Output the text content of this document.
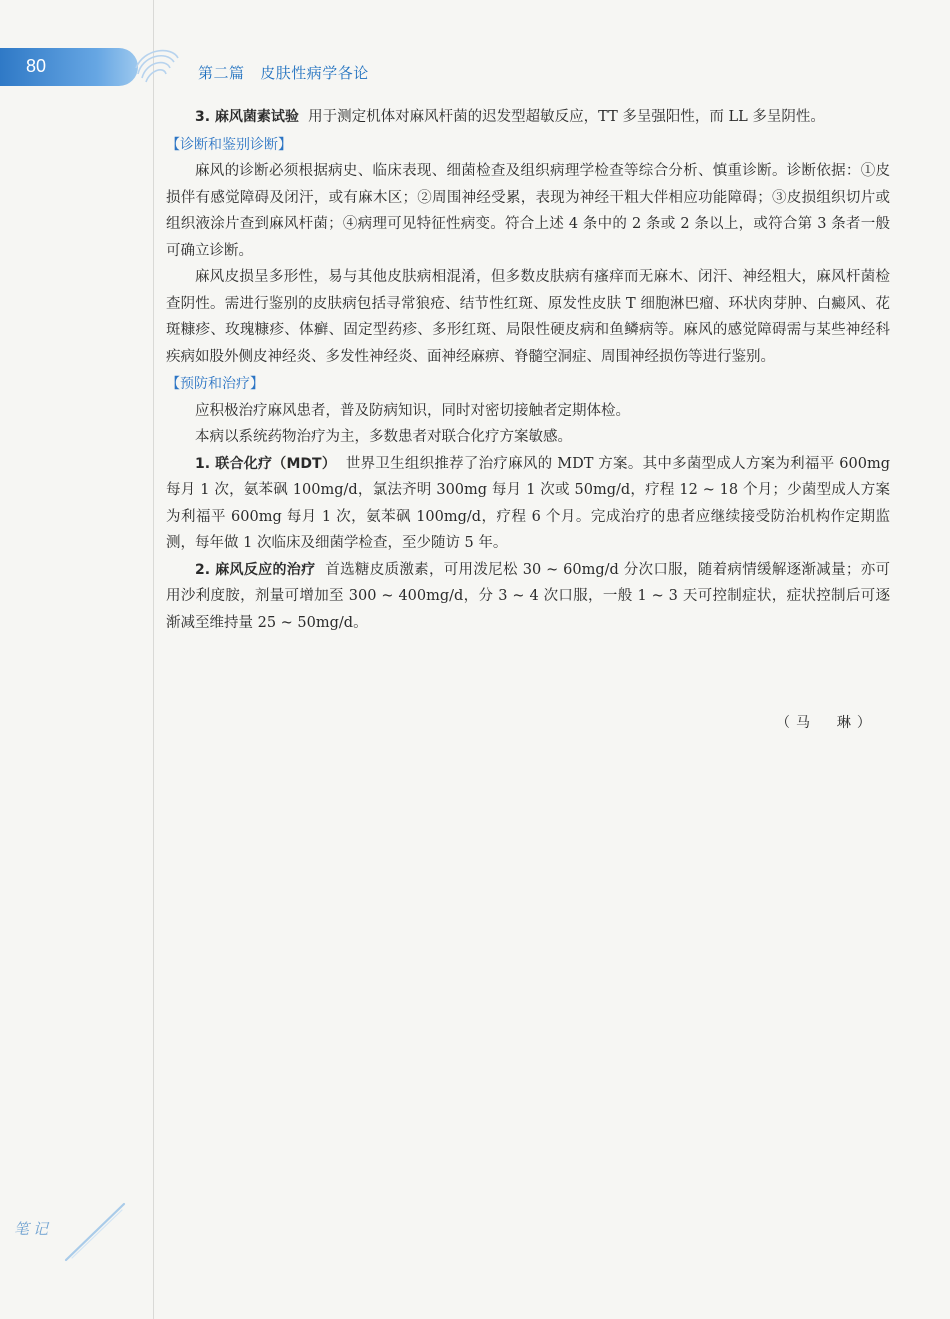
80	第二篇   皮肤性病学各论

3. 麻风菌素试验 用于测定机体对麻风杆菌的迟发型超敏反应，TT 多呈强阳性，而 LL 多呈阴性。

【诊断和鉴别诊断】

麻风的诊断必须根据病史、临床表现、细菌检查及组织病理学检查等综合分析、慎重诊断。诊断依据：①皮损伴有感觉障碍及闭汗，或有麻木区；②周围神经受累，表现为神经干粗大伴相应功能障碍；③皮损组织切片或组织液涂片查到麻风杆菌；④病理可见特征性病变。符合上述 4 条中的 2 条或 2 条以上，或符合第 3 条者一般可确立诊断。

麻风皮损呈多形性，易与其他皮肤病相混淆，但多数皮肤病有瘙痒而无麻木、闭汗、神经粗大，麻风杆菌检查阴性。需进行鉴别的皮肤病包括寻常狼疮、结节性红斑、原发性皮肤 T 细胞淋巴瘤、环状肉芽肿、白癜风、花斑糠疹、玫瑰糠疹、体癣、固定型药疹、多形红斑、局限性硬皮病和鱼鳞病等。麻风的感觉障碍需与某些神经科疾病如股外侧皮神经炎、多发性神经炎、面神经麻痹、脊髓空洞症、周围神经损伤等进行鉴别。

【预防和治疗】

应积极治疗麻风患者，普及防病知识，同时对密切接触者定期体检。

本病以系统药物治疗为主，多数患者对联合化疗方案敏感。

1. 联合化疗（MDT） 世界卫生组织推荐了治疗麻风的 MDT 方案。其中多菌型成人方案为利福平 600mg 每月 1 次，氨苯砜 100mg/d，氯法齐明 300mg 每月 1 次或 50mg/d，疗程 12 ~ 18 个月；少菌型成人方案为利福平 600mg 每月 1 次，氨苯砜 100mg/d，疗程 6 个月。完成治疗的患者应继续接受防治机构作定期监测，每年做 1 次临床及细菌学检查，至少随访 5 年。

2. 麻风反应的治疗 首选糖皮质激素，可用泼尼松 30 ~ 60mg/d 分次口服，随着病情缓解逐渐减量；亦可用沙利度胺，剂量可增加至 300 ~ 400mg/d，分 3 ~ 4 次口服，一般 1 ~ 3 天可控制症状，症状控制后可逐渐减至维持量 25 ~ 50mg/d。

（马  琳）
笔记
